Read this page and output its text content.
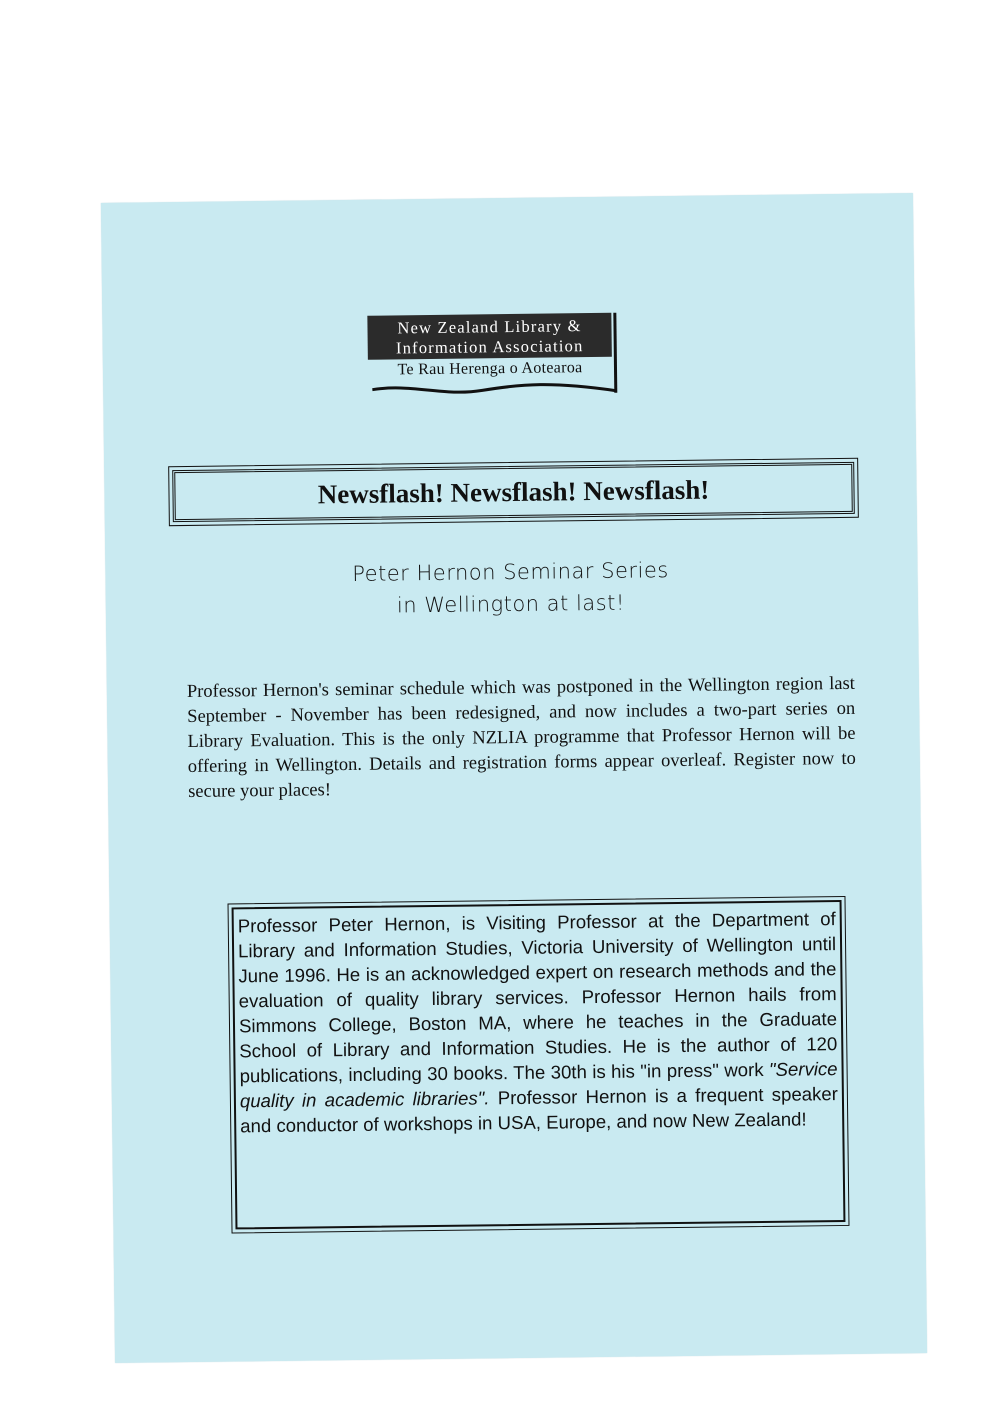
New Zealand Library &
Information Association
Te Rau Herenga o Aotearoa
Newsflash! Newsflash! Newsflash!
Peter Hernon Seminar Series
in Wellington at last!
Professor Hernon's seminar schedule which was postponed in the Wellington region last September - November has been redesigned, and now includes a two-part series on Library Evaluation. This is the only NZLIA programme that Professor Hernon will be offering in Wellington. Details and registration forms appear overleaf. Register now to secure your places!
Professor Peter Hernon, is Visiting Professor at the Department of Library and Information Studies, Victoria University of Wellington until June 1996. He is an acknowledged expert on research methods and the evaluation of quality library services. Professor Hernon hails from Simmons College, Boston MA, where he teaches in the Graduate School of Library and Information Studies. He is the author of 120 publications, including 30 books. The 30th is his "in press" work "Service quality in academic libraries". Professor Hernon is a frequent speaker and conductor of workshops in USA, Europe, and now New Zealand!
